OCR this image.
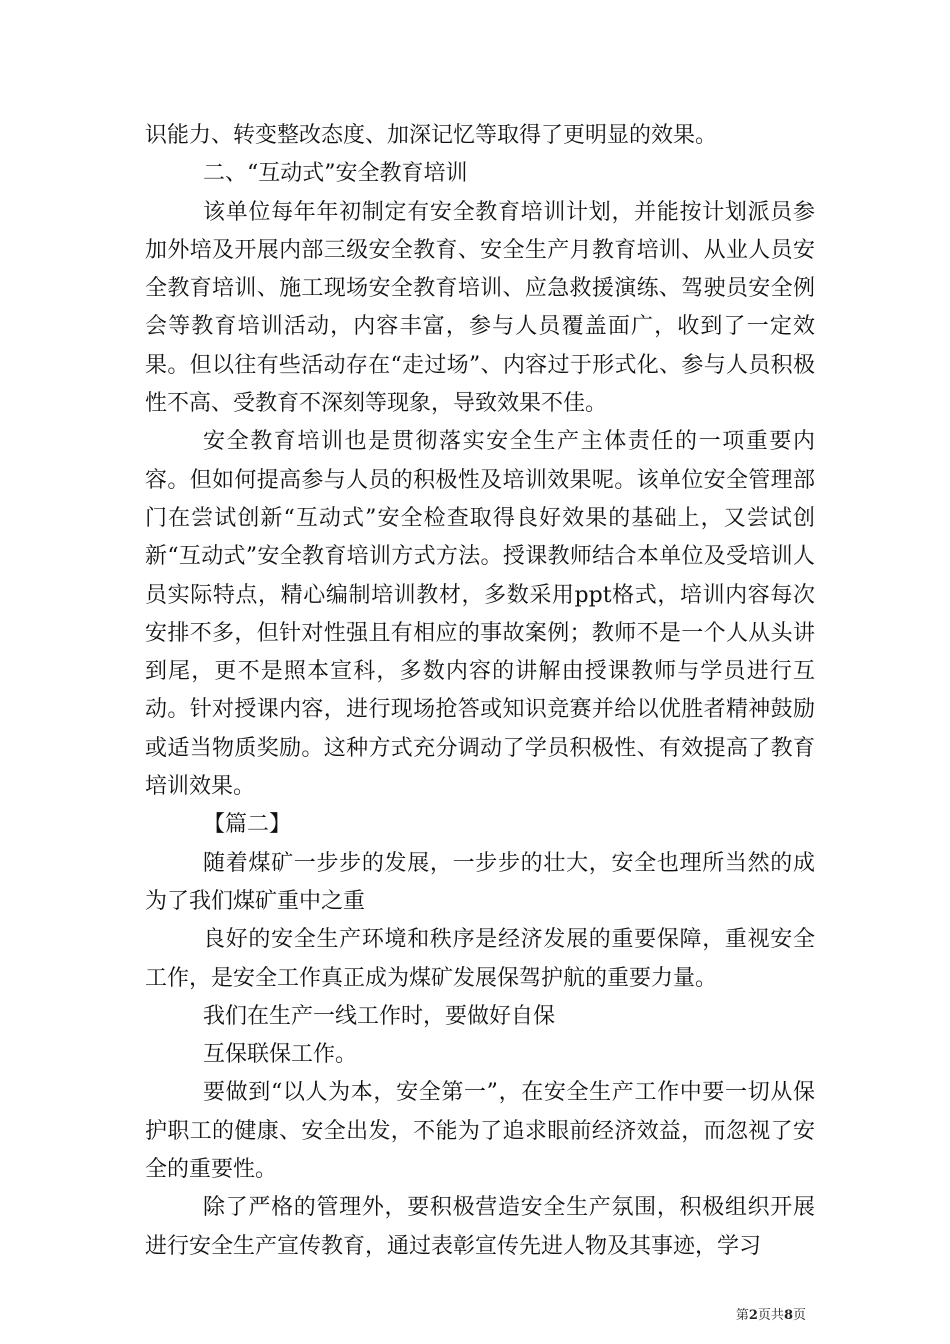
识能力、转变整改态度、加深记忆等取得了更明显的效果。

二、“互动式”安全教育培训

该单位每年年初制定有安全教育培训计划，并能按计划派员参加外培及开展内部三级安全教育、安全生产月教育培训、从业人员安全教育培训、施工现场安全教育培训、应急救援演练、驾驶员安全例会等教育培训活动，内容丰富，参与人员覆盖面广，收到了一定效果。但以往有些活动存在“走过场”、内容过于形式化、参与人员积极性不高、受教育不深刻等现象，导致效果不佳。

安全教育培训也是贯彻落实安全生产主体责任的一项重要内容。但如何提高参与人员的积极性及培训效果呢。该单位安全管理部门在尝试创新“互动式”安全检查取得良好效果的基础上，又尝试创新“互动式”安全教育培训方式方法。授课教师结合本单位及受培训人员实际特点，精心编制培训教材，多数采用ppt格式，培训内容每次安排不多，但针对性强且有相应的事故案例；教师不是一个人从头讲到尾，更不是照本宣科，多数内容的讲解由授课教师与学员进行互动。针对授课内容，进行现场抢答或知识竞赛并给以优胜者精神鼓励或适当物质奖励。这种方式充分调动了学员积极性、有效提高了教育培训效果。

【篇二】

随着煤矿一步步的发展，一步步的壮大，安全也理所当然的成为了我们煤矿重中之重

良好的安全生产环境和秩序是经济发展的重要保障，重视安全工作，是安全工作真正成为煤矿发展保驾护航的重要力量。

我们在生产一线工作时，要做好自保

互保联保工作。

要做到“以人为本，安全第一”，在安全生产工作中要一切从保护职工的健康、安全出发，不能为了追求眼前经济效益，而忽视了安全的重要性。

除了严格的管理外，要积极营造安全生产氛围，积极组织开展进行安全生产宣传教育，通过表彰宣传先进人物及其事迹，学习

第2页共8页
